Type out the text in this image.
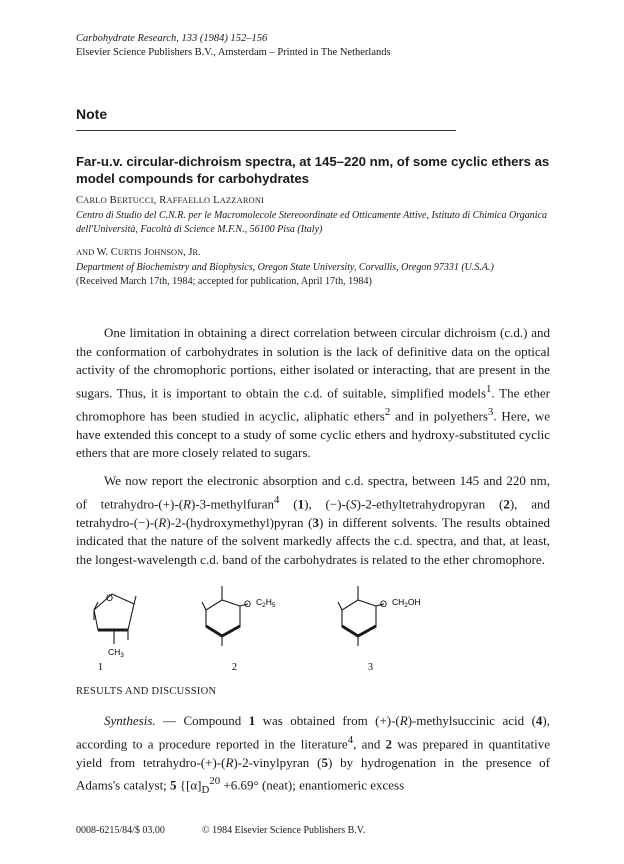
Carbohydrate Research, 133 (1984) 152–156
Elsevier Science Publishers B.V., Amsterdam – Printed in The Netherlands
Note
Far-u.v. circular-dichroism spectra, at 145–220 nm, of some cyclic ethers as model compounds for carbohydrates
CARLO BERTUCCI, RAFFAELLO LAZZARONI
Centro di Studio del C.N.R. per le Macromolecole Stereoordinate ed Otticamente Attive, Istituto di Chimica Organica dell'Università, Facoltà di Science M.F.N., 56100 Pisa (Italy)
AND W. CURTIS JOHNSON, JR.
Department of Biochemistry and Biophysics, Oregon State University, Corvallis, Oregon 97331 (U.S.A.)
(Received March 17th, 1984; accepted for publication, April 17th, 1984)
One limitation in obtaining a direct correlation between circular dichroism (c.d.) and the conformation of carbohydrates in solution is the lack of definitive data on the optical activity of the chromophoric portions, either isolated or interacting, that are present in the sugars. Thus, it is important to obtain the c.d. of suitable, simplified models$^1$. The ether chromophore has been studied in acyclic, aliphatic ethers$^2$ and in polyethers$^3$. Here, we have extended this concept to a study of some cyclic ethers and hydroxy-substituted cyclic ethers that are more closely related to sugars.
We now report the electronic absorption and c.d. spectra, between 145 and 220 nm, of tetrahydro-(+)-(R)-3-methylfuran$^4$ (1), (−)-(S)-2-ethyltetrahydropyran (2), and tetrahydro-(−)-(R)-2-(hydroxymethyl)pyran (3) in different solvents. The results obtained indicated that the nature of the solvent markedly affects the c.d. spectra, and that, at least, the longest-wavelength c.d. band of the carbohydrates is related to the ether chromophore.
O
$CH_3$
1
O $C_2H_5$
2
O $CH_2OH$
3
RESULTS AND DISCUSSION
Synthesis. — Compound 1 was obtained from (+)-(R)-methylsuccinic acid (4), according to a procedure reported in the literature$^4$, and 2 was prepared in quantitative yield from tetrahydro-(+)-(R)-2-vinylpyran (5) by hydrogenation in the presence of Adams's catalyst; 5 {$[\alpha]_D^{20} +6.69^\circ$ (neat); enantiomeric excess
0008-6215/84/$ 03.00	© 1984 Elsevier Science Publishers B.V.
